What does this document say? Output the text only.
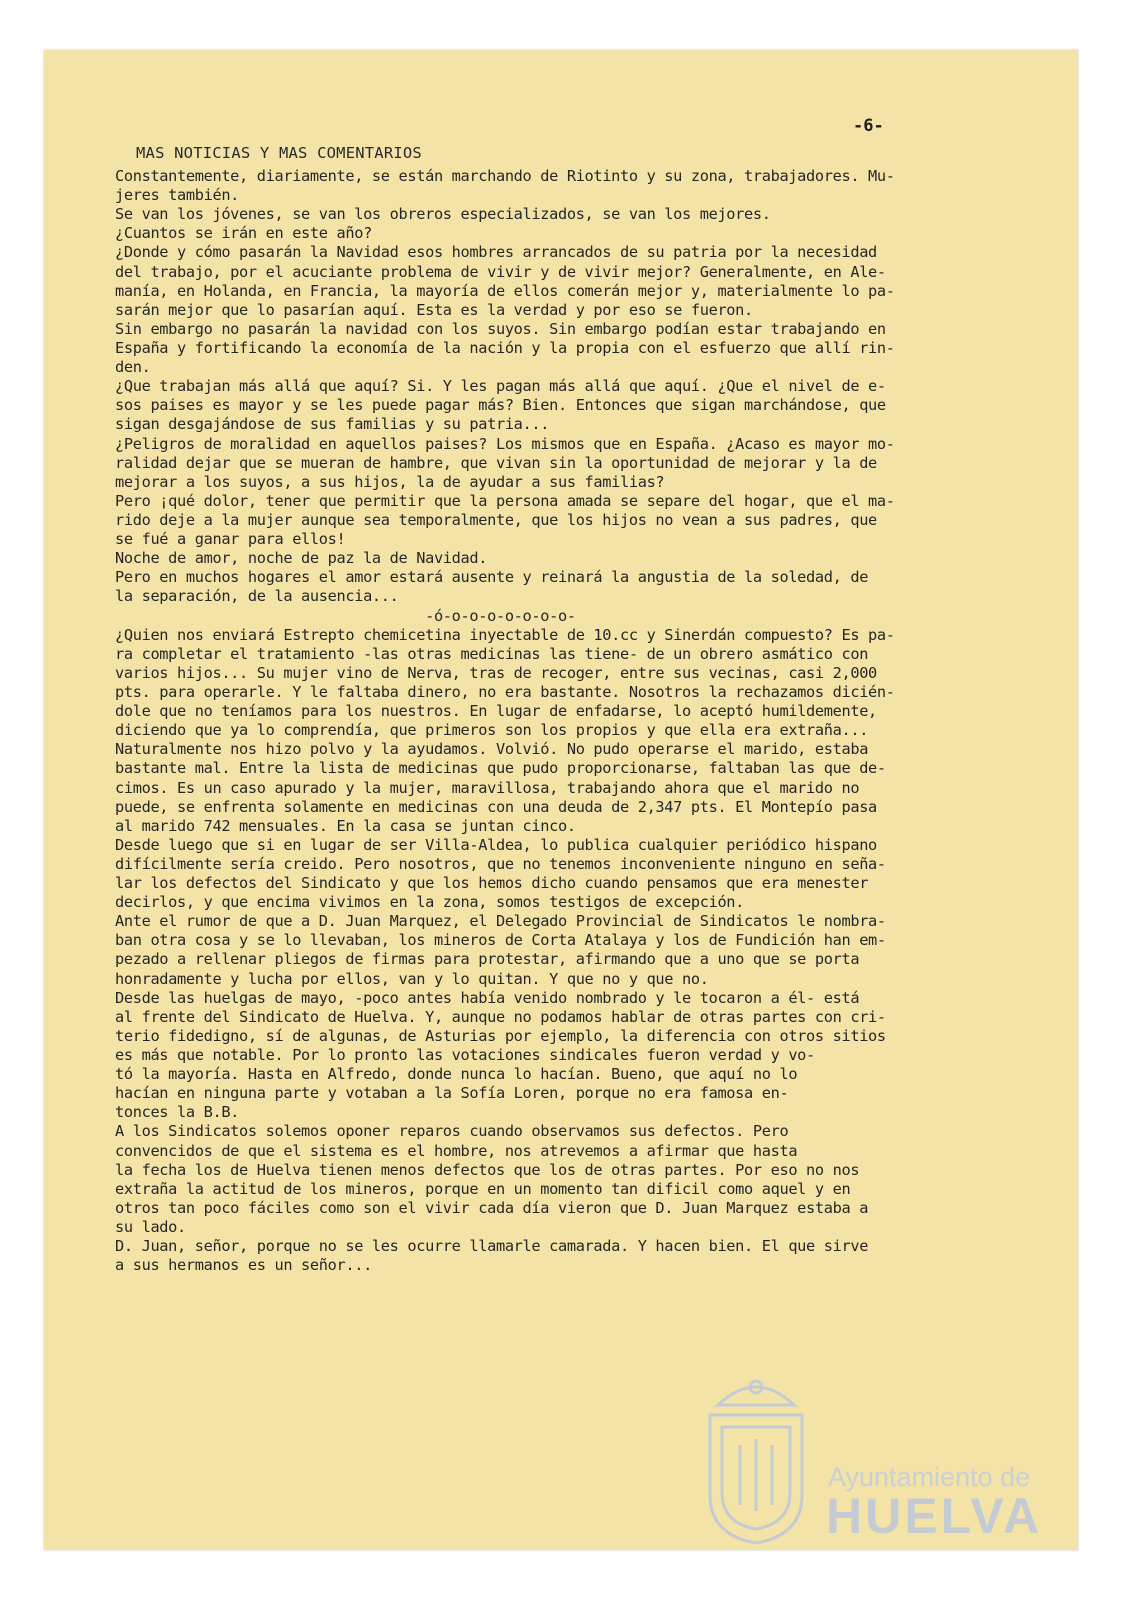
-6-
MAS NOTICIAS Y MAS COMENTARIOS
Constantemente, diariamente, se están marchando de Riotinto y su zona, trabajadores. Mu-
jeres también.
Se van los jóvenes, se van los obreros especializados, se van los mejores.
¿Cuantos se irán en este año?
¿Donde y cómo pasarán la Navidad esos hombres arrancados de su patria por la necesidad
del trabajo, por el acuciante problema de vivir y de vivir mejor? Generalmente, en Ale-
manía, en Holanda, en Francia, la mayoría de ellos comerán mejor y, materialmente lo pa-
sarán mejor que lo pasarían aquí. Esta es la verdad y por eso se fueron.
Sin embargo no pasarán la navidad con los suyos. Sin embargo podían estar trabajando en
España y fortificando la economía de la nación y la propia con el esfuerzo que allí rin-
den.
¿Que trabajan más allá que aquí? Si. Y les pagan más allá que aquí. ¿Que el nivel de e-
sos paises es mayor y se les puede pagar más? Bien. Entonces que sigan marchándose, que
sigan desgajándose de sus familias y su patria...
¿Peligros de moralidad en aquellos paises? Los mismos que en España. ¿Acaso es mayor mo-
ralidad dejar que se mueran de hambre, que vivan sin la oportunidad de mejorar y la de
mejorar a los suyos, a sus hijos, la de ayudar a sus familias?
Pero ¡qué dolor, tener que permitir que la persona amada se separe del hogar, que el ma-
rido deje a la mujer aunque sea temporalmente, que los hijos no vean a sus padres, que
se fué a ganar para ellos!
Noche de amor, noche de paz la de Navidad.
Pero en muchos hogares el amor estará ausente y reinará la angustia de la soledad, de
la separación, de la ausencia...
-ó-o-o-o-o-o-o-o-
¿Quien nos enviará Estrepto chemicetina inyectable de 10.cc y Sinerdán compuesto? Es pa-
ra completar el tratamiento -las otras medicinas las tiene- de un obrero asmático con
varios hijos... Su mujer vino de Nerva, tras de recoger, entre sus vecinas, casi 2,000
pts. para operarle. Y le faltaba dinero, no era bastante. Nosotros la rechazamos dicién-
dole que no teníamos para los nuestros. En lugar de enfadarse, lo aceptó humildemente,
diciendo que ya lo comprendía, que primeros son los propios y que ella era extraña...
Naturalmente nos hizo polvo y la ayudamos. Volvió. No pudo operarse el marido, estaba
bastante mal. Entre la lista de medicinas que pudo proporcionarse, faltaban las que de-
cimos. Es un caso apurado y la mujer, maravillosa, trabajando ahora que el marido no
puede, se enfrenta solamente en medicinas con una deuda de 2,347 pts. El Montepío pasa
al marido 742 mensuales. En la casa se juntan cinco.
Desde luego que si en lugar de ser Villa-Aldea, lo publica cualquier periódico hispano
difícilmente sería creido. Pero nosotros, que no tenemos inconveniente ninguno en seña-
lar los defectos del Sindicato y que los hemos dicho cuando pensamos que era menester
decirlos, y que encima vivimos en la zona, somos testigos de excepción.
Ante el rumor de que a D. Juan Marquez, el Delegado Provincial de Sindicatos le nombra-
ban otra cosa y se lo llevaban, los mineros de Corta Atalaya y los de Fundición han em-
pezado a rellenar pliegos de firmas para protestar, afirmando que a uno que se porta
honradamente y lucha por ellos, van y lo quitan. Y que no y que no.
Desde las huelgas de mayo, -poco antes había venido nombrado y le tocaron a él- está
al frente del Sindicato de Huelva. Y, aunque no podamos hablar de otras partes con cri-
terio fidedigno, sí de algunas, de Asturias por ejemplo, la diferencia con otros sitios
es más que notable. Por lo pronto las votaciones sindicales fueron verdad y vo-
tó la mayoría. Hasta en Alfredo, donde nunca lo hacían. Bueno, que aquí no lo
hacían en ninguna parte y votaban a la Sofía Loren, porque no era famosa en-
tonces la B.B.
A los Sindicatos solemos oponer reparos cuando observamos sus defectos. Pero
convencidos de que el sistema es el hombre, nos atrevemos a afirmar que hasta
la fecha los de Huelva tienen menos defectos que los de otras partes. Por eso no nos
extraña la actitud de los mineros, porque en un momento tan dificil como aquel y en
otros tan poco fáciles como son el vivir cada día vieron que D. Juan Marquez estaba a
su lado.
D. Juan, señor, porque no se les ocurre llamarle camarada. Y hacen bien. El que sirve
a sus hermanos es un señor...
Ayuntamiento de
HUELVA
